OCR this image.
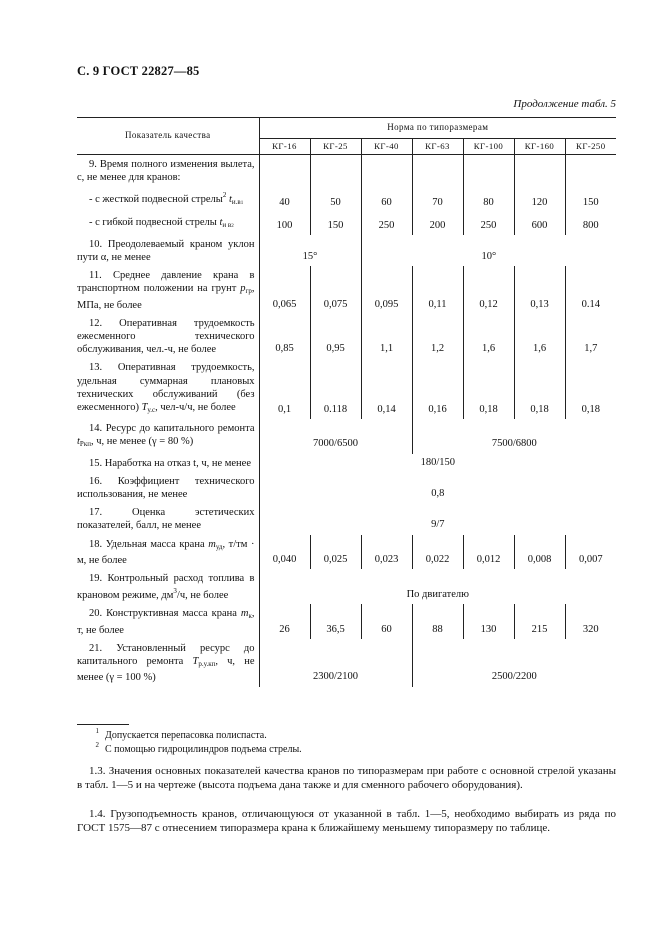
С. 9 ГОСТ 22827—85
Продолжение табл. 5
Показатель качества	Норма по типоразмерам						
	КГ-16	КГ-25	КГ-40	КГ-63	КГ-100	КГ-160	КГ-250

9. Время полного изменения вылета, с, не менее для кранов:							

- с жесткой подвесной стрелы$^2$ tи.в1	40	50	60	70	80	120	150

- с гибкой подвесной стрелы tи в2	100	150	250	200	250	600	800

10. Преодолеваемый краном уклон пути α, не менее	15°		10°				

11. Среднее давление крана в транспортном положении на грунт pгр, МПа, не более	0,065	0,075	0,095	0,11	0,12	0,13	0.14

12. Оперативная трудоемкость ежесменного технического обслуживания, чел.-ч, не более	0,85	0,95	1,1	1,2	1,6	1,6	1,7

13. Оперативная трудоемкость, удельная суммарная плановых технических обслуживаний (без ежесменного) Tу.с, чел-ч/ч, не более	0,1	0.118	0,14	0,16	0,18	0,18	0,18

14. Ресурс до капитального ремонта tРкп, ч, не менее (γ = 80 %)	7000/6500			7500/6800			

15. Наработка на отказ t, ч, не менее	180/150						

16. Коэффициент технического использования, не менее	0,8						

17. Оценка эстетических показателей, балл, не менее	9/7						

18. Удельная масса крана mуд, т/тм · м, не более	0,040	0,025	0,023	0,022	0,012	0,008	0,007

19. Контрольный расход топлива в крановом режиме, $дм^3/ч$, не более	По двигателю						

20. Конструктивная масса крана mк, т, не более	26	36,5	60	88	130	215	320

21. Установленный ресурс до капитального ремонта Tр.у.кп, ч, не менее (γ = 100 %)	2300/2100			2500/2200			
1 Допускается перепасовка полиспаста.
2 С помощью гидроцилиндров подъема стрелы.
1.3. Значения основных показателей качества кранов по типоразмерам при работе с основной стрелой указаны в табл. 1—5 и на чертеже (высота подъема дана также и для сменного рабочего оборудования).
1.4. Грузоподъемность кранов, отличающуюся от указанной в табл. 1—5, необходимо выбирать из ряда по ГОСТ 1575—87 с отнесением типоразмера крана к ближайшему меньшему типоразмеру по таблице.
